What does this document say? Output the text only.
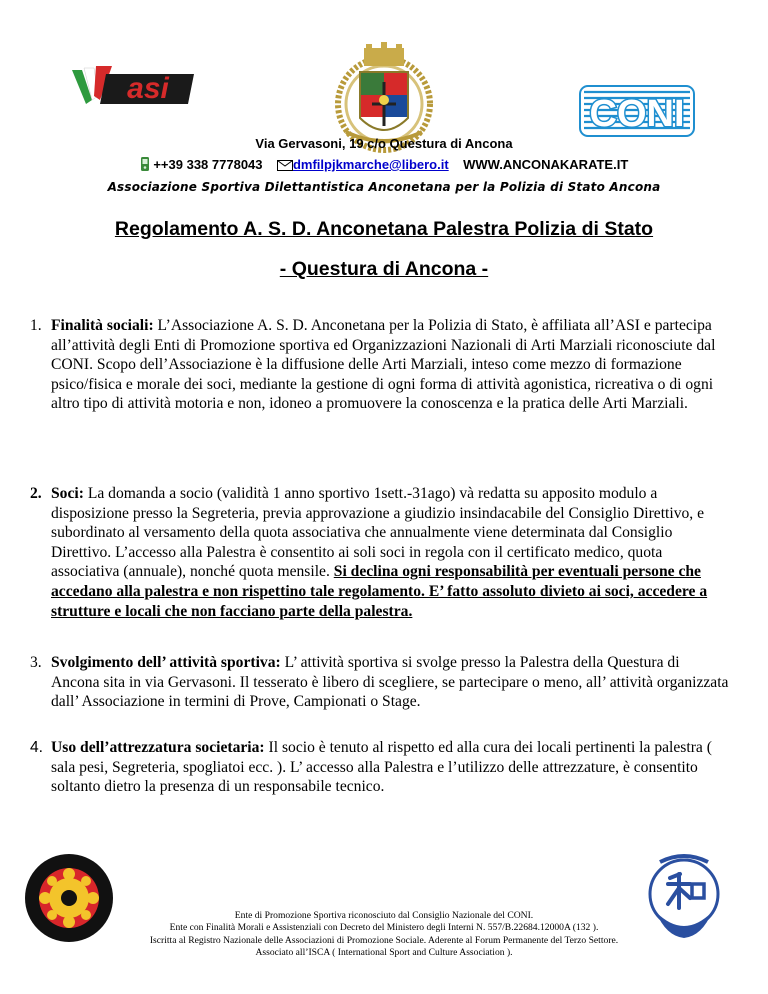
asi
CONI
Via Gervasoni, 19 c/o Questura di Ancona
++39 338 7778043 dmfilpjkmarche@libero.it WWW.ANCONAKARATE.IT
Associazione Sportiva Dilettantistica Anconetana per la Polizia di Stato Ancona
Regolamento A. S. D. Anconetana Palestra Polizia di Stato
- Questura di Ancona -
1. Finalità sociali: L’Associazione A. S. D. Anconetana per la Polizia di Stato, è affiliata all’ASI e partecipa all’attività degli Enti di Promozione sportiva ed Organizzazioni Nazionali di Arti Marziali riconosciute dal CONI. Scopo dell’Associazione è la diffusione delle Arti Marziali, inteso come mezzo di formazione psico/fisica e morale dei soci, mediante la gestione di ogni forma di attività agonistica, ricreativa o di ogni altro tipo di attività motoria e non, idoneo a promuovere la conoscenza e la pratica delle Arti Marziali.
2. Soci: La domanda a socio (validità 1 anno sportivo 1sett.-31ago) và redatta su apposito modulo a disposizione presso la Segreteria, previa approvazione a giudizio insindacabile del Consiglio Direttivo, e subordinato al versamento della quota associativa che annualmente viene determinata dal Consiglio Direttivo. L’accesso alla Palestra è consentito ai soli soci in regola con il certificato medico, quota associativa (annuale), nonché quota mensile. Si declina ogni responsabilità per eventuali persone che accedano alla palestra e non rispettino tale regolamento. E’ fatto assoluto divieto ai soci, accedere a strutture e locali che non facciano parte della palestra.
3. Svolgimento dell’ attività sportiva: L’ attività sportiva si svolge presso la Palestra della Questura di Ancona sita in via Gervasoni. Il tesserato è libero di scegliere, se partecipare o meno, all’ attività organizzata dall’ Associazione in termini di Prove, Campionati o Stage.
4. Uso dell’attrezzatura societaria: Il socio è tenuto al rispetto ed alla cura dei locali pertinenti la palestra ( sala pesi, Segreteria, spogliatoi ecc. ). L’ accesso alla Palestra e l’utilizzo delle attrezzature, è consentito soltanto dietro la presenza di un responsabile tecnico.
Ente di Promozione Sportiva riconosciuto dal Consiglio Nazionale del CONI.
Ente con Finalità Morali e Assistenziali con Decreto del Ministero degli Interni N. 557/B.22684.12000A (132 ).
Iscritta al Registro Nazionale delle Associazioni di Promozione Sociale. Aderente al Forum Permanente del Terzo Settore.
Associato all’ISCA ( International Sport and Culture Association ).
